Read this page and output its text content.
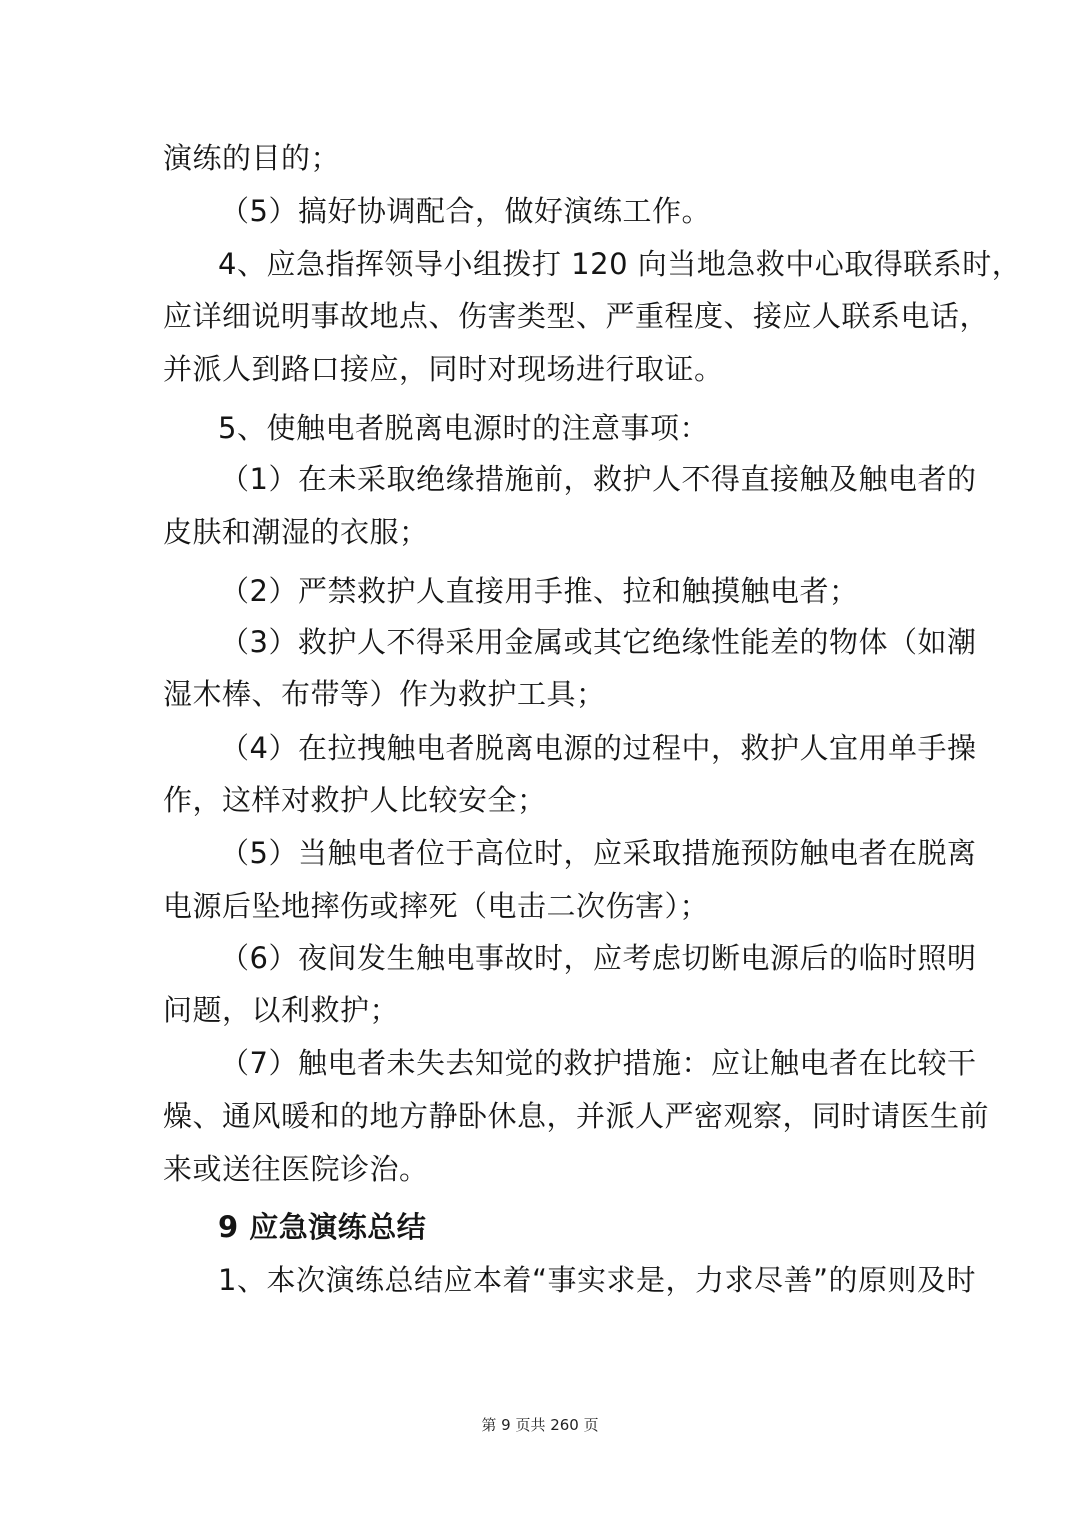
演练的目的；
（5）搞好协调配合，做好演练工作。
4、应急指挥领导小组拨打 120 向当地急救中心取得联系时，
应详细说明事故地点、伤害类型、严重程度、接应人联系电话，
并派人到路口接应，同时对现场进行取证。
5、使触电者脱离电源时的注意事项：
（1）在未采取绝缘措施前，救护人不得直接触及触电者的
皮肤和潮湿的衣服；
（2）严禁救护人直接用手推、拉和触摸触电者；
（3）救护人不得采用金属或其它绝缘性能差的物体（如潮
湿木棒、布带等）作为救护工具；
（4）在拉拽触电者脱离电源的过程中，救护人宜用单手操
作，这样对救护人比较安全；
（5）当触电者位于高位时，应采取措施预防触电者在脱离
电源后坠地摔伤或摔死（电击二次伤害）；
（6）夜间发生触电事故时，应考虑切断电源后的临时照明
问题，以利救护；
（7）触电者未失去知觉的救护措施：应让触电者在比较干
燥、通风暖和的地方静卧休息，并派人严密观察，同时请医生前
来或送往医院诊治。
9 应急演练总结
1、本次演练总结应本着“事实求是，力求尽善”的原则及时
第 9 页共 260 页
